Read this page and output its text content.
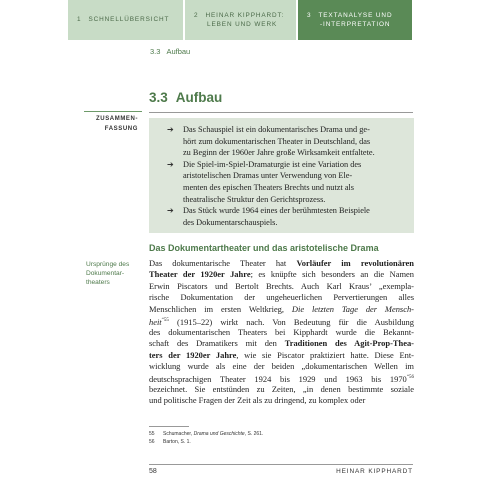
1 SCHNELLÜBERSICHT
2 HEINAR KIPPHARDT:
LEBEN UND WERK
3 TEXTANALYSE UND
-INTERPRETATION
3.3 Aufbau
3.3 Aufbau
ZUSAMMEN-
FASSUNG	➔ Das Schauspiel ist ein dokumentarisches Drama und ge-
hört zum dokumentarischen Theater in Deutschland, das
zu Beginn der 1960er Jahre große Wirksamkeit entfaltete.
➔ Die Spiel-im-Spiel-Dramaturgie ist eine Variation des
aristotelischen Dramas unter Verwendung von Ele-
menten des epischen Theaters Brechts und nutzt als
theatralische Struktur den Gerichtsprozess.
➔ Das Stück wurde 1964 eines der berühmtesten Beispiele
des Dokumentarschauspiels.
Das Dokumentartheater und das aristotelische Drama
Ursprünge des
Dokumentar-
theaters
Das dokumentarische Theater hat Vorläufer im revolutionären
Theater der 1920er Jahre; es knüpfte sich besonders an die Namen
Erwin Piscators und Bertolt Brechts. Auch Karl Kraus’ „exempla-
rische Dokumentation der ungeheuerlichen Pervertierungen alles
Menschlichen im ersten Weltkrieg, Die letzten Tage der Mensch-
heit$^{“55}$ (1915–22) wirkt nach. Von Bedeutung für die Ausbildung
des dokumentarischen Theaters bei Kipphardt wurde die Bekannt-
schaft des Dramatikers mit den Traditionen des Agit-Prop-Thea-
ters der 1920er Jahre, wie sie Piscator praktiziert hatte. Diese Ent-
wicklung wurde als eine der beiden „dokumentarischen Wellen im
deutschsprachigen Theater 1924 bis 1929 und 1963 bis $1970^{“56}$
bezeichnet. Sie entstünden zu Zeiten, „in denen bestimmte soziale
und politische Fragen der Zeit als zu dringend, zu komplex oder
55 Schumacher, Drama und Geschichte, S. 261.
56 Barton, S. 1.
58	HEINAR KIPPHARDT
